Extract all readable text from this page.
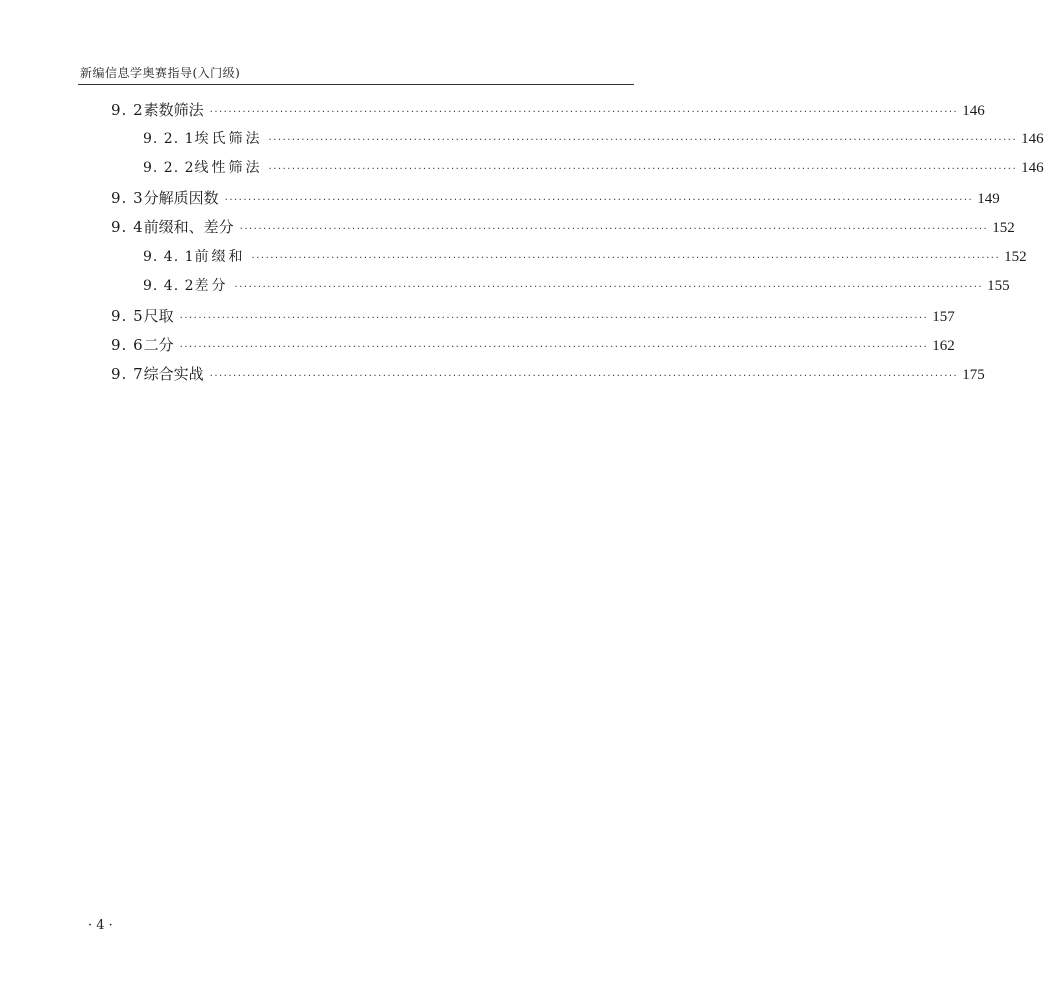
新编信息学奥赛指导(入门级)
9. 2 素数筛法 ································································································································································ 146
9. 2. 1 埃氏筛法 ································································································································································ 146
9. 2. 2 线性筛法 ································································································································································ 146
9. 3 分解质因数 ································································································································································ 149
9. 4 前缀和、差分 ································································································································································ 152
9. 4. 1 前缀和 ································································································································································ 152
9. 4. 2 差分 ································································································································································ 155
9. 5 尺取 ································································································································································ 157
9. 6 二分 ································································································································································ 162
9. 7 综合实战 ································································································································································ 175
· 4 ·
